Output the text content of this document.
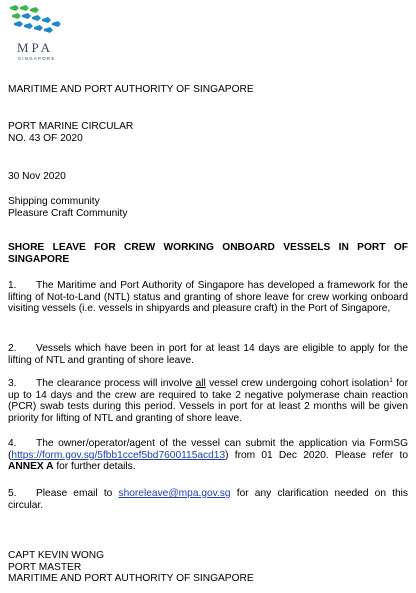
MPA
SINGAPORE
MARITIME AND PORT AUTHORITY OF SINGAPORE
PORT MARINE CIRCULAR
NO. 43 OF 2020
30 Nov 2020
Shipping community
Pleasure Craft Community
SHORE LEAVE FOR CREW WORKING ONBOARD VESSELS IN PORT OF SINGAPORE
1. The Maritime and Port Authority of Singapore has developed a framework for the lifting of Not-to-Land (NTL) status and granting of shore leave for crew working onboard visiting vessels (i.e. vessels in shipyards and pleasure craft) in the Port of Singapore,
2. Vessels which have been in port for at least 14 days are eligible to apply for the lifting of NTL and granting of shore leave.
3. The clearance process will involve all vessel crew undergoing cohort isolation$^1$ for up to 14 days and the crew are required to take 2 negative polymerase chain reaction (PCR) swab tests during this period. Vessels in port for at least 2 months will be given priority for lifting of NTL and granting of shore leave.
4. The owner/operator/agent of the vessel can submit the application via FormSG (https://form.gov.sg/5fbb1ccef5bd7600115acd13) from 01 Dec 2020. Please refer to ANNEX A for further details.
5. Please email to shoreleave@mpa.gov.sg for any clarification needed on this circular.
CAPT KEVIN WONG
PORT MASTER
MARITIME AND PORT AUTHORITY OF SINGAPORE
